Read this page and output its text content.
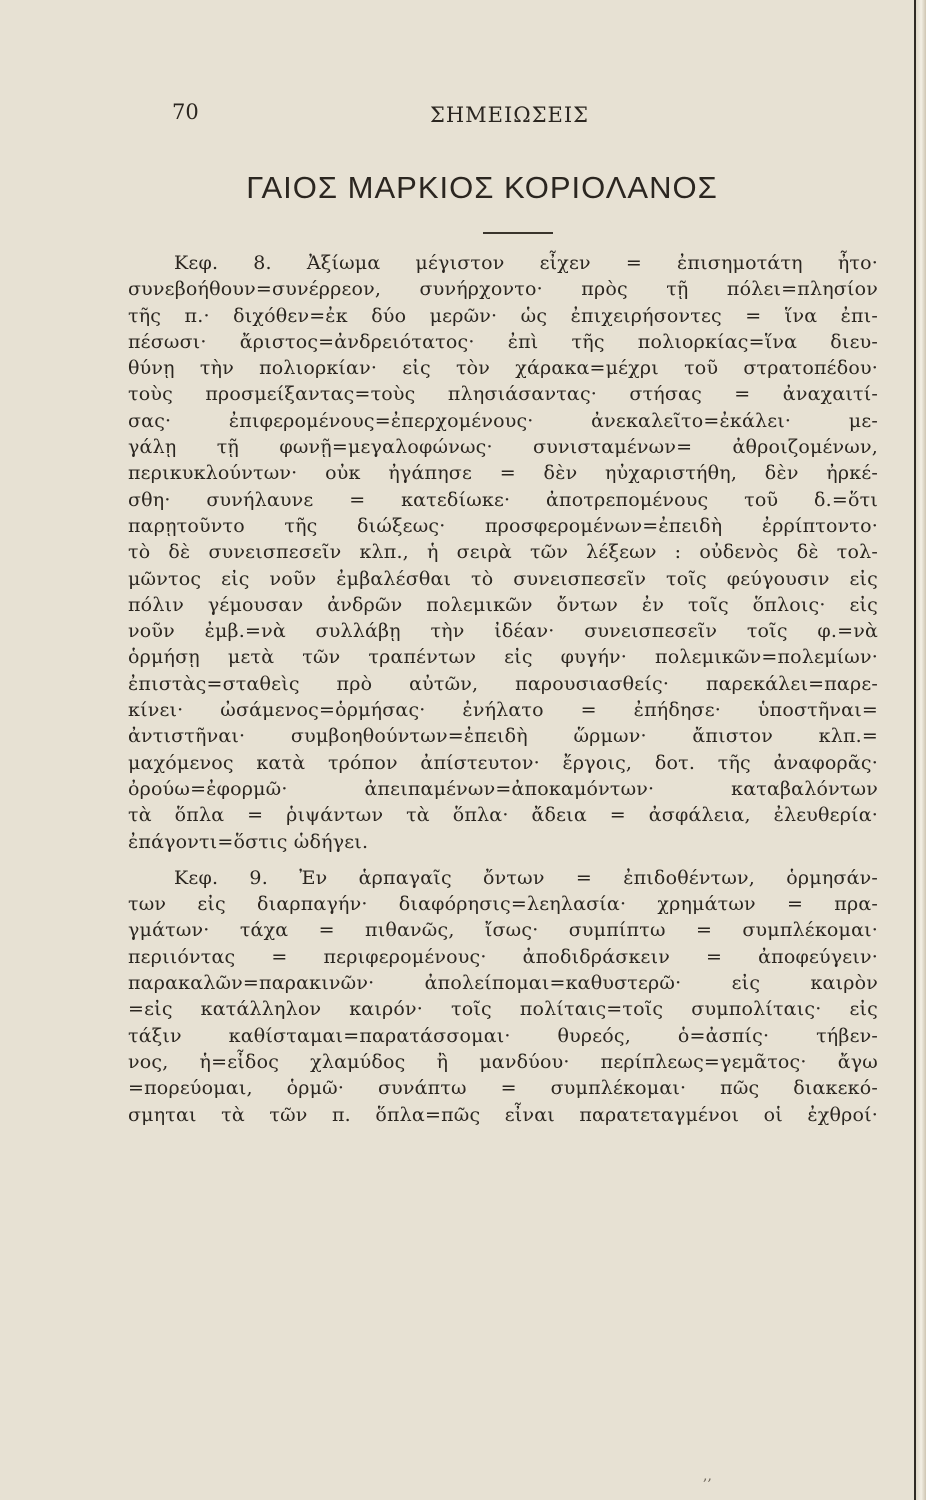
70	ΣΗΜΕΙΩΣΕΙΣ
ΓΑΙΟΣ ΜΑΡΚΙΟΣ ΚΟΡΙΟΛΑΝΟΣ

Κεφ. 8. Ἀξίωμα μέγιστον εἶχεν = ἐπισημοτάτη ἦτο·
συνεβοήθουν=συνέρρεον, συνήρχοντο· πρὸς τῇ πόλει=πλησίον
τῆς π.· διχόθεν=ἐκ δύο μερῶν· ὡς ἐπιχειρήσοντες = ἵνα ἐπι-
πέσωσι· ἄριστος=ἀνδρειότατος· ἐπὶ τῆς πολιορκίας=ἵνα διευ-
θύνῃ τὴν πολιορκίαν· εἰς τὸν χάρακα=μέχρι τοῦ στρατοπέδου·
τοὺς προσμείξαντας=τοὺς πλησιάσαντας· στήσας = ἀναχαιτί-
σας· ἐπιφερομένους=ἐπερχομένους· ἀνεκαλεῖτο=ἐκάλει· με-
γάλῃ τῇ φωνῇ=μεγαλοφώνως· συνισταμένων= ἀθροιζομένων,
περικυκλούντων· οὐκ ἠγάπησε = δὲν ηὐχαριστήθη, δὲν ἠρκέ-
σθη· συνήλαυνε = κατεδίωκε· ἀποτρεπομένους τοῦ δ.=ὅτι
παρῃτοῦντο τῆς διώξεως· προσφερομένων=ἐπειδὴ ἐρρίπτοντο·
τὸ δὲ συνεισπεσεῖν κλπ., ἡ σειρὰ τῶν λέξεων : οὐδενὸς δὲ τολ-
μῶντος εἰς νοῦν ἐμβαλέσθαι τὸ συνεισπεσεῖν τοῖς φεύγουσιν εἰς
πόλιν γέμουσαν ἀνδρῶν πολεμικῶν ὄντων ἐν τοῖς ὅπλοις· εἰς
νοῦν ἐμβ.=νὰ συλλάβῃ τὴν ἰδέαν· συνεισπεσεῖν τοῖς φ.=νὰ
ὁρμήσῃ μετὰ τῶν τραπέντων εἰς φυγήν· πολεμικῶν=πολεμίων·
ἐπιστὰς=σταθεὶς πρὸ αὐτῶν, παρουσιασθείς· παρεκάλει=παρε-
κίνει· ὠσάμενος=ὁρμήσας· ἐνήλατο = ἐπήδησε· ὑποστῆναι=
ἀντιστῆναι· συμβοηθούντων=ἐπειδὴ ὥρμων· ἄπιστον κλπ.=
μαχόμενος κατὰ τρόπον ἀπίστευτον· ἔργοις, δοτ. τῆς ἀναφορᾶς·
ὀρούω=ἐφορμῶ· ἀπειπαμένων=ἀποκαμόντων· καταβαλόντων
τὰ ὅπλα = ῥιψάντων τὰ ὅπλα· ἄδεια = ἀσφάλεια, ἐλευθερία·
ἐπάγοντι=ὅστις ὡδήγει.

Κεφ. 9. Ἐν ἁρπαγαῖς ὄντων = ἐπιδοθέντων, ὁρμησάν-
των εἰς διαρπαγήν· διαφόρησις=λεηλασία· χρημάτων = πρα-
γμάτων· τάχα = πιθανῶς, ἴσως· συμπίπτω = συμπλέκομαι·
περιιόντας = περιφερομένους· ἀποδιδράσκειν = ἀποφεύγειν·
παρακαλῶν=παρακινῶν· ἀπολείπομαι=καθυστερῶ· εἰς καιρὸν
=εἰς κατάλληλον καιρόν· τοῖς πολίταις=τοῖς συμπολίταις· εἰς
τάξιν καθίσταμαι=παρατάσσομαι· θυρεός, ὁ=ἀσπίς· τήβεν-
νος, ἡ=εἶδος χλαμύδος ἢ μανδύου· περίπλεως=γεμᾶτος· ἄγω
=πορεύομαι, ὁρμῶ· συνάπτω = συμπλέκομαι· πῶς διακεκό-
σμηται τὰ τῶν π. ὅπλα=πῶς εἶναι παρατεταγμένοι οἱ ἐχθροί·

,,
